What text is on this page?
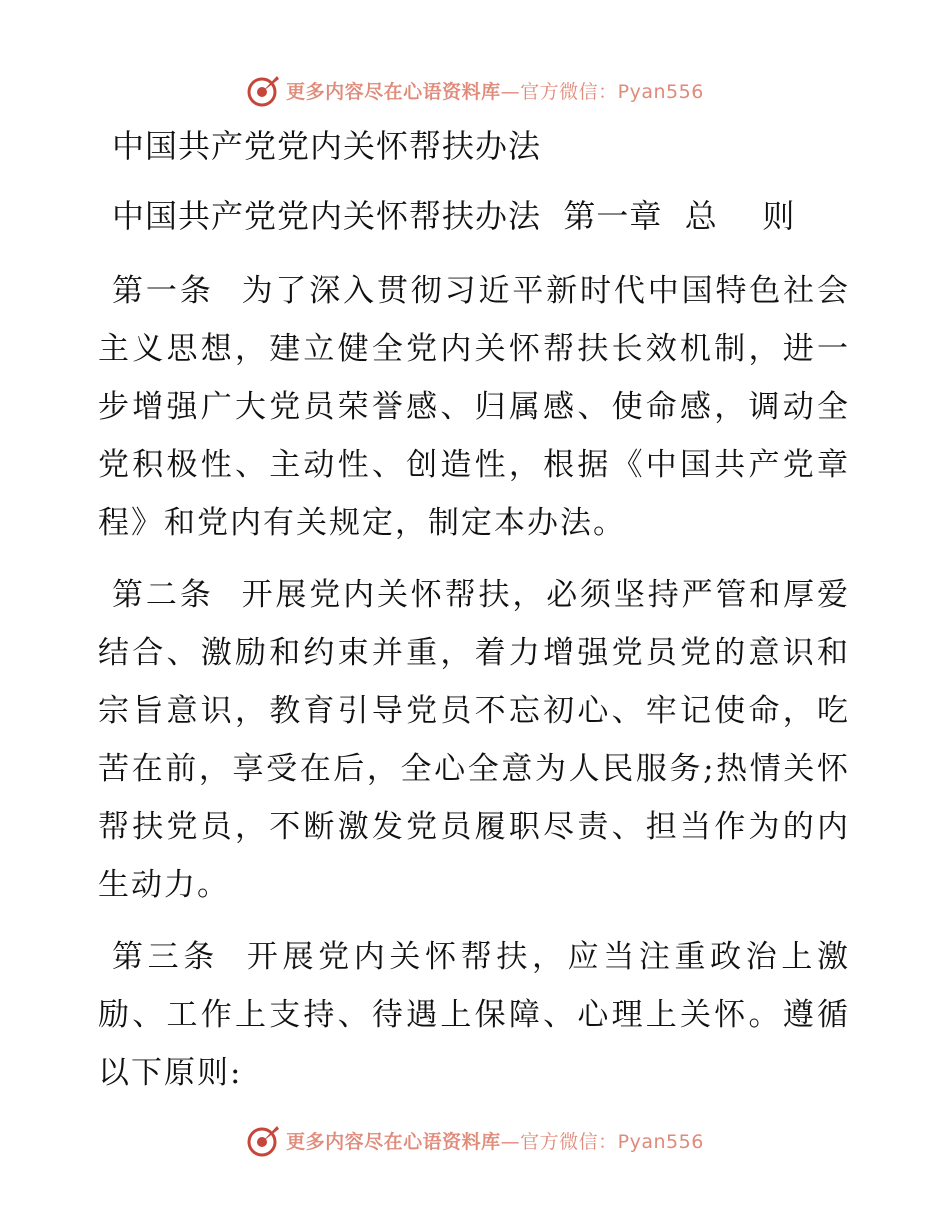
更多内容尽在心语资料库—官方微信：Pyan556
中国共产党党内关怀帮扶办法
中国共产党党内关怀帮扶办法  第一章  总    则

第一条 为了深入贯彻习近平新时代中国特色社会主义思想，建立健全党内关怀帮扶长效机制，进一步增强广大党员荣誉感、归属感、使命感，调动全党积极性、主动性、创造性，根据《中国共产党章程》和党内有关规定，制定本办法。

第二条 开展党内关怀帮扶，必须坚持严管和厚爱结合、激励和约束并重，着力增强党员党的意识和宗旨意识，教育引导党员不忘初心、牢记使命，吃苦在前，享受在后，全心全意为人民服务;热情关怀帮扶党员，不断激发党员履职尽责、担当作为的内生动力。

第三条 开展党内关怀帮扶，应当注重政治上激励、工作上支持、待遇上保障、心理上关怀。遵循以下原则:

更多内容尽在心语资料库—官方微信：Pyan556
